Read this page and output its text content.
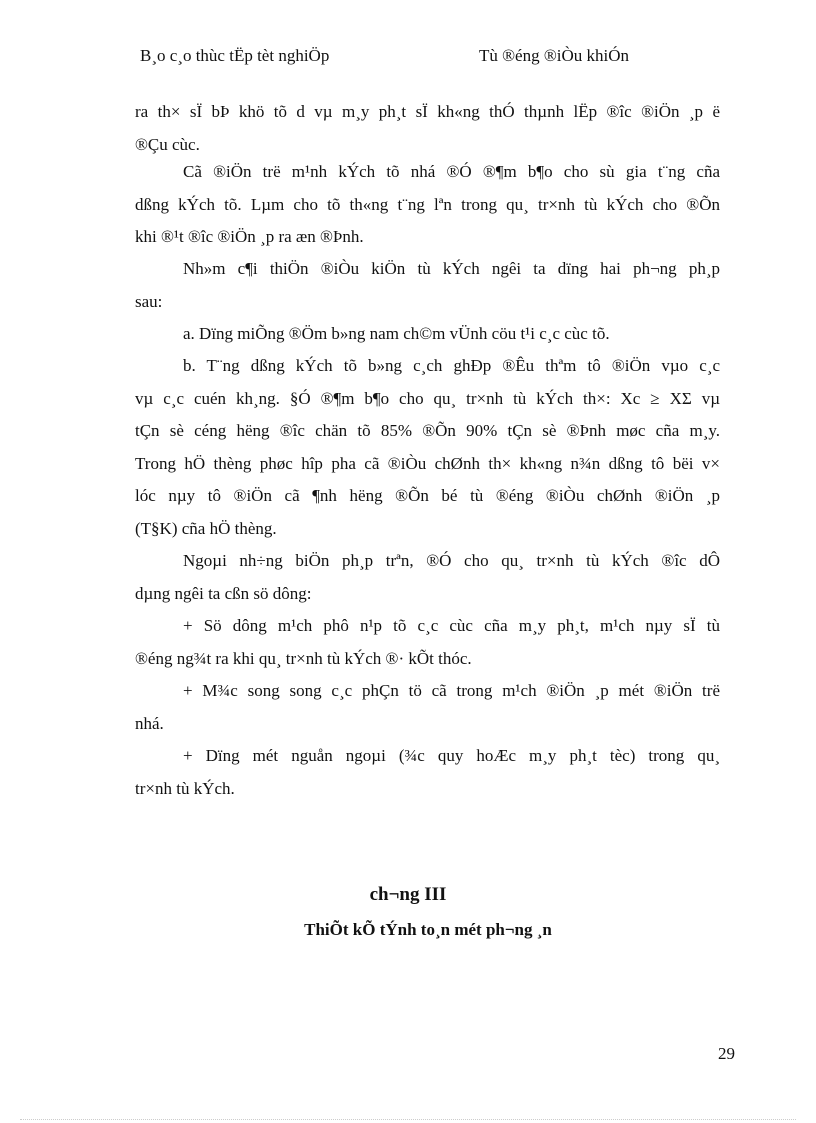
B¸o c¸o thùc tËp tèt nghiÖp	Tù ®éng ®iÒu khiÓn
ra th× sÏ bÞ khö tõ d vµ m¸y ph¸t sÏ kh«ng thÓ thµnh lËp ®îc ®iÖn ¸p ë
®Çu cùc.
Cã ®iÖn trë m¹nh kÝch tõ nhá ®Ó ®¶m b¶o cho sù gia t¨ng cña
dßng kÝch tõ. Lµm cho tõ th«ng t¨ng lªn trong qu¸ tr×nh tù kÝch cho ®Õn
khi ®¹t ®îc ®iÖn ¸p ra æn ®Þnh.
Nh»m c¶i thiÖn ®iÒu kiÖn tù kÝch ngêi ta dïng hai ph¬ng ph¸p
sau:
a. Dïng miÕng ®Öm b»ng nam ch©m vÜnh cöu t¹i c¸c cùc tõ.
b. T¨ng dßng kÝch tõ b»ng c¸ch ghÐp ®Êu thªm tô ®iÖn vµo c¸c
vµ c¸c cuén kh¸ng. §Ó ®¶m b¶o cho qu¸ tr×nh tù kÝch th×: Xc ≥ XΣ vµ
tÇn sè céng hëng ®îc chän tõ 85% ®Õn 90% tÇn sè ®Þnh møc cña m¸y.
Trong hÖ thèng phøc hîp pha cã ®iÒu chØnh th× kh«ng n¾n dßng tô bëi v×
lóc nµy tô ®iÖn cã ¶nh hëng ®Õn bé tù ®éng ®iÒu chØnh ®iÖn ¸p
(T§K) cña hÖ thèng.
Ngoµi nh÷ng biÖn ph¸p trªn, ®Ó cho qu¸ tr×nh tù kÝch ®îc dÔ
dµng ngêi ta cßn sö dông:
+ Sö dông m¹ch phô n¹p tõ c¸c cùc cña m¸y ph¸t, m¹ch nµy sÏ tù
®éng ng¾t ra khi qu¸ tr×nh tù kÝch ®· kÕt thóc.
+ M¾c song song c¸c phÇn tö cã trong m¹ch ®iÖn ¸p mét ®iÖn trë
nhá.
+ Dïng mét nguån ngoµi (¾c quy hoÆc m¸y ph¸t tèc) trong qu¸
tr×nh tù kÝch.
ch¬ng III
ThiÕt kÕ tÝnh to¸n mét ph¬ng ¸n
29
